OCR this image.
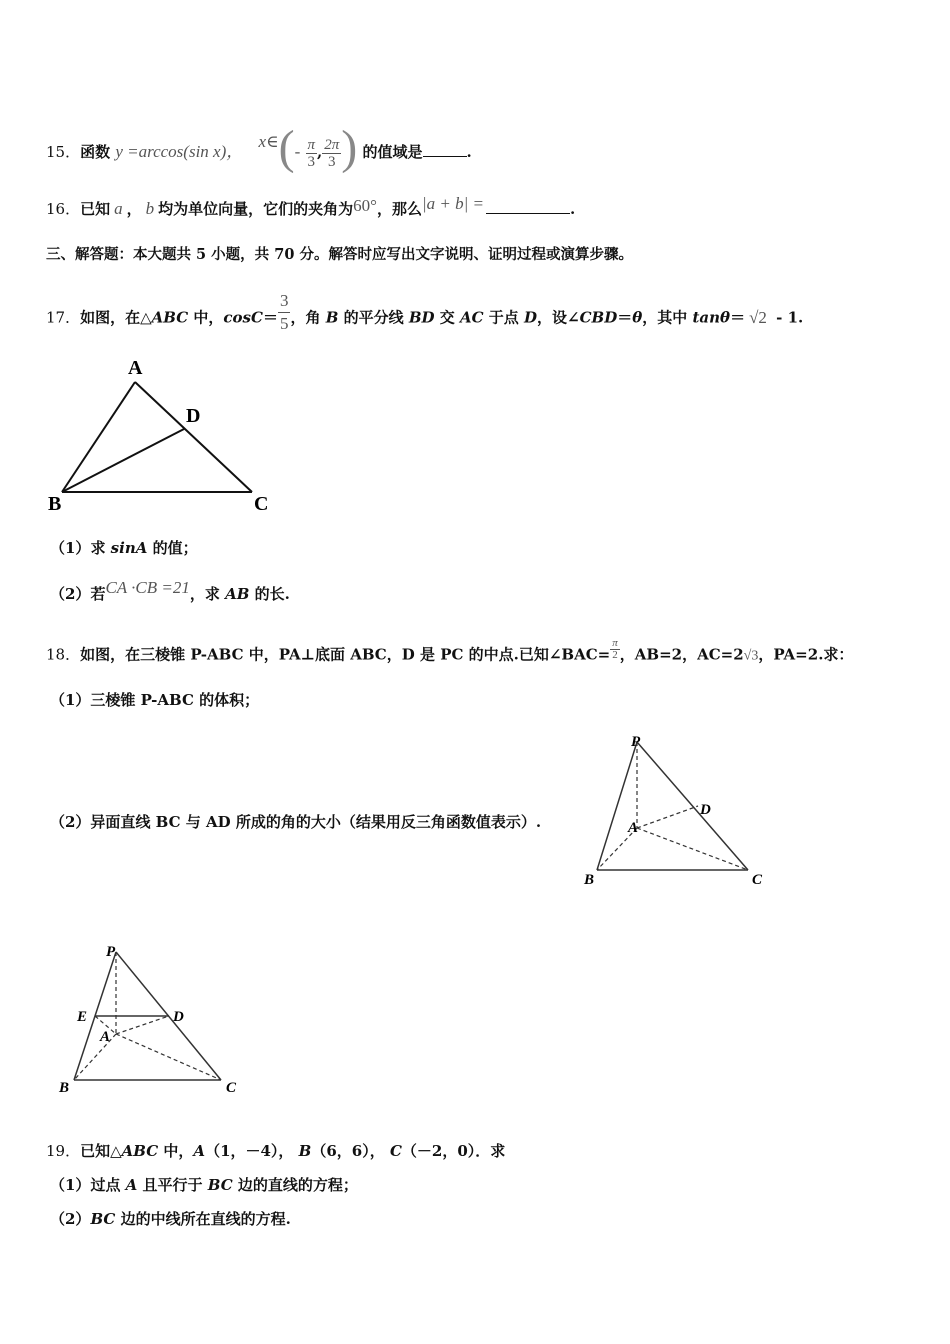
15．函数 y =arccos(sin x)， x∈(- $\frac{\pi}{3}$ , $\frac{2\pi}{3}$ ) 的值域是	.
16．已知 a ， b 均为单位向量，它们的夹角为60°，那么|a + b| =	.
三、解答题：本大题共 5 小题，共 70 分。解答时应写出文字说明、证明过程或演算步骤。
17．如图，在△ABC 中，$\cos C= \frac{3}{5}$ ，角 B 的平分线 BD 交 AC 于点 D，设∠CBD＝θ，其中 tanθ＝ √2 - 1.
A
D
B	C
（1）求 sinA 的值；
（2）若CA ·CB =21，求 AB 的长.
18．如图，在三棱锥 P-ABC 中，PA⊥底面 ABC，D 是 PC 的中点.已知∠BAC= $\frac{\pi}{2}$ ，AB=2，AC=2√3，PA=2.求：
（1）三棱锥 P-ABC 的体积；
（2）异面直线 BC 与 AD 所成的角的大小（结果用反三角函数值表示）.
P
D
A
B	C
P
E	D
A
B	C
19．已知△ABC 中，A（1，－4）， B（6，6）， C（－2，0）．求
（1）过点 A 且平行于 BC 边的直线的方程；
（2）BC 边的中线所在直线的方程.
